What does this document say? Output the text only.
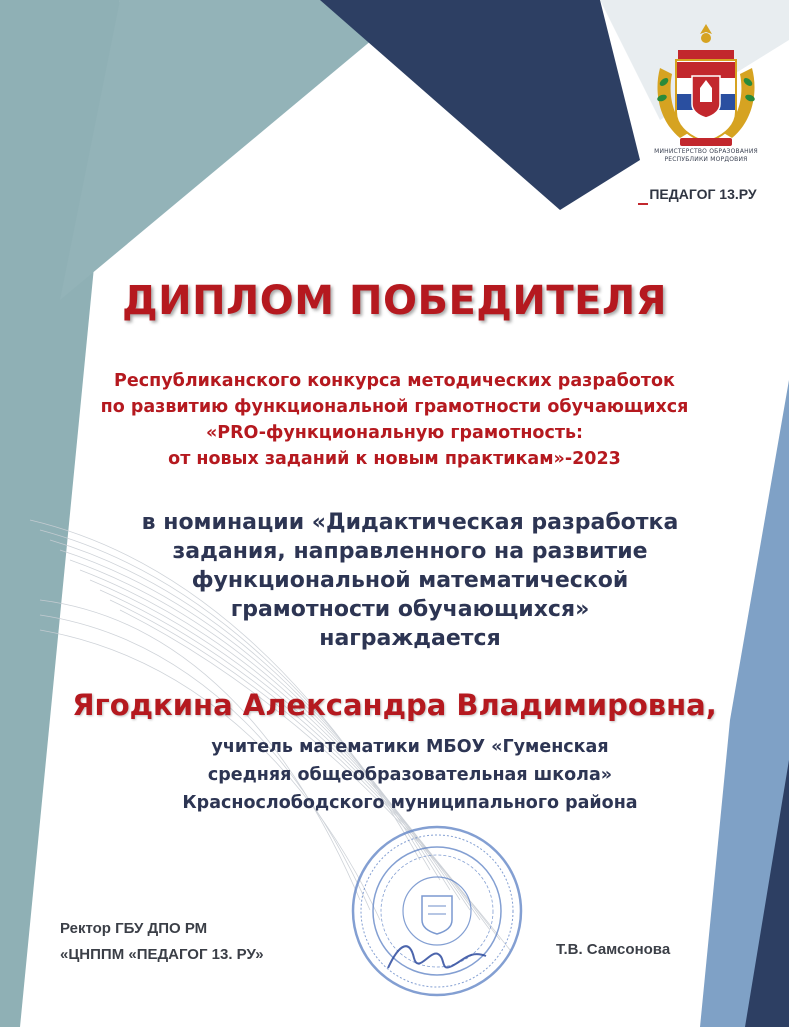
МИНИСТЕРСТВО ОБРАЗОВАНИЯ
РЕСПУБЛИКИ МОРДОВИЯ
ПЕДАГОГ 13.РУ
ДИПЛОМ ПОБЕДИТЕЛЯ
Республиканского конкурса методических разработок
по развитию функциональной грамотности обучающихся
«PRO-функциональную грамотность:
от новых заданий к новым практикам»-2023
в номинации «Дидактическая разработка
задания, направленного на развитие
функциональной математической
грамотности обучающихся»
награждается
Ягодкина Александра Владимировна,
учитель математики МБОУ «Гуменская
средняя общеобразовательная школа»
Краснослободского муниципального района
Ректор ГБУ ДПО РМ
«ЦНППМ «ПЕДАГОГ 13. РУ»	Т.В. Самсонова
